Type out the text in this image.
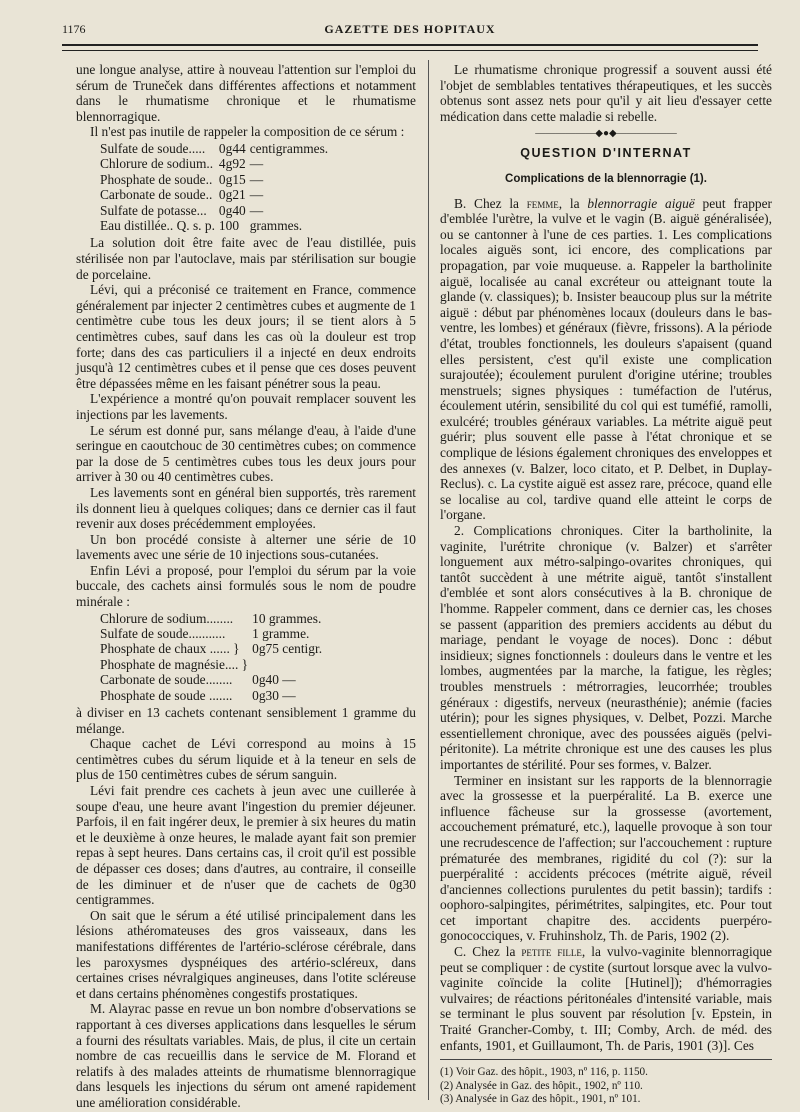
1176	GAZETTE DES HOPITAUX

une longue analyse, attire à nouveau l'attention sur l'emploi du sérum de Truneček dans différentes affections et notamment dans le rhumatisme chronique et le rhumatisme blennorragique.

Il n'est pas inutile de rappeler la composition de ce sérum :

Sulfate de soude.....	0g44	centigrammes.
Chlorure de sodium..	4g92	—
Phosphate de soude..	0g15	—
Carbonate de soude..	0g21	—
Sulfate de potasse...	0g40	—
Eau distillée.. Q. s. p.	100	grammes.

La solution doit être faite avec de l'eau distillée, puis stérilisée non par l'autoclave, mais par stérilisation sur bougie de porcelaine.

Lévi, qui a préconisé ce traitement en France, commence généralement par injecter 2 centimètres cubes et augmente de 1 centimètre cube tous les deux jours; il se tient alors à 5 centimètres cubes, sauf dans les cas où la douleur est trop forte; dans des cas particuliers il a injecté en deux endroits jusqu'à 12 centimètres cubes et il pense que ces doses peuvent être dépassées même en les faisant pénétrer sous la peau.

L'expérience a montré qu'on pouvait remplacer souvent les injections par les lavements.

Le sérum est donné pur, sans mélange d'eau, à l'aide d'une seringue en caoutchouc de 30 centimètres cubes; on commence par la dose de 5 centimètres cubes tous les deux jours pour arriver à 30 ou 40 centimètres cubes.

Les lavements sont en général bien supportés, très rarement ils donnent lieu à quelques coliques; dans ce dernier cas il faut revenir aux doses précédemment employées.

Un bon procédé consiste à alterner une série de 10 lavements avec une série de 10 injections sous-cutanées.

Enfin Lévi a proposé, pour l'emploi du sérum par la voie buccale, des cachets ainsi formulés sous le nom de poudre minérale :

Chlorure de sodium........	10 grammes.
Sulfate de soude...........	1 gramme.
Phosphate de chaux ...... }	0g75 centigr.
Phosphate de magnésie.... }	
Carbonate de soude........	0g40 —
Phosphate de soude .......	0g30 —

à diviser en 13 cachets contenant sensiblement 1 gramme du mélange.

Chaque cachet de Lévi correspond au moins à 15 centimètres cubes du sérum liquide et à la teneur en sels de plus de 150 centimètres cubes de sérum sanguin.

Lévi fait prendre ces cachets à jeun avec une cuillerée à soupe d'eau, une heure avant l'ingestion du premier déjeuner. Parfois, il en fait ingérer deux, le premier à six heures du matin et le deuxième à onze heures, le malade ayant fait son premier repas à sept heures. Dans certains cas, il croit qu'il est possible de dépasser ces doses; dans d'autres, au contraire, il conseille de les diminuer et de n'user que de cachets de 0g30 centigrammes.

On sait que le sérum a été utilisé principalement dans les lésions athéromateuses des gros vaisseaux, dans les manifestations différentes de l'artério-sclérose cérébrale, dans les paroxysmes dyspnéiques des artério-scléreux, dans certaines crises névralgiques angineuses, dans l'otite scléreuse et dans certains phénomènes congestifs prostatiques.

M. Alayrac passe en revue un bon nombre d'observations se rapportant à ces diverses applications dans lesquelles le sérum a fourni des résultats variables. Mais, de plus, il cite un certain nombre de cas recueillis dans le service de M. Florand et relatifs à des malades atteints de rhumatisme blennorragique dans lesquels les injections du sérum ont amené rapidement une amélioration considérable.

Le rhumatisme chronique progressif a souvent aussi été l'objet de semblables tentatives thérapeutiques, et les succès obtenus sont assez nets pour qu'il y ait lieu d'essayer cette médication dans cette maladie si rebelle.

——————◆●◆——————
QUESTION D'INTERNAT
Complications de la blennorragie (1).

B. Chez la femme, la blennorragie aiguë peut frapper d'emblée l'urètre, la vulve et le vagin (B. aiguë généralisée), ou se cantonner à l'une de ces parties. 1. Les complications locales aiguës sont, ici encore, des complications par propagation, par voie muqueuse. a. Rappeler la bartholinite aiguë, localisée au canal excréteur ou atteignant toute la glande (v. classiques); b. Insister beaucoup plus sur la métrite aiguë : début par phénomènes locaux (douleurs dans le bas-ventre, les lombes) et généraux (fièvre, frissons). A la période d'état, troubles fonctionnels, les douleurs s'apaisent (quand elles persistent, c'est qu'il existe une complication surajoutée); écoulement purulent d'origine utérine; troubles menstruels; signes physiques : tuméfaction de l'utérus, écoulement utérin, sensibilité du col qui est tuméfié, ramolli, exulcéré; troubles généraux variables. La métrite aiguë peut guérir; plus souvent elle passe à l'état chronique et se complique de lésions également chroniques des enveloppes et des annexes (v. Balzer, loco citato, et P. Delbet, in Duplay-Reclus). c. La cystite aiguë est assez rare, précoce, quand elle se localise au col, tardive quand elle atteint le corps de l'organe.

2. Complications chroniques. Citer la bartholinite, la vaginite, l'urétrite chronique (v. Balzer) et s'arrêter longuement aux métro-salpingo-ovarites chroniques, qui tantôt succèdent à une métrite aiguë, tantôt s'installent d'emblée et sont alors consécutives à la B. chronique de l'homme. Rappeler comment, dans ce dernier cas, les choses se passent (apparition des premiers accidents au début du mariage, pendant le voyage de noces). Donc : début insidieux; signes fonctionnels : douleurs dans le ventre et les lombes, augmentées par la marche, la fatigue, les règles; troubles menstruels : métrorragies, leucorrhée; troubles généraux : digestifs, nerveux (neurasthénie); anémie (facies utérin); pour les signes physiques, v. Delbet, Pozzi. Marche essentiellement chronique, avec des poussées aiguës (pelvi-péritonite). La métrite chronique est une des causes les plus importantes de stérilité. Pour ses formes, v. Balzer.

Terminer en insistant sur les rapports de la blennorragie avec la grossesse et la puerpéralité. La B. exerce une influence fâcheuse sur la grossesse (avortement, accouchement prématuré, etc.), laquelle provoque à son tour une recrudescence de l'affection; sur l'accouchement : rupture prématurée des membranes, rigidité du col (?): sur la puerpéralité : accidents précoces (métrite aiguë, réveil d'anciennes collections purulentes du petit bassin); tardifs : oophoro-salpingites, périmétrites, salpingites, etc. Pour tout cet important chapitre des. accidents puerpéro-gonococciques, v. Fruhinsholz, Th. de Paris, 1902 (2).

C. Chez la petite fille, la vulvo-vaginite blennorragique peut se compliquer : de cystite (surtout lorsque avec la vulvo-vaginite coïncide la colite [Hutinel]); d'hémorragies vulvaires; de réactions péritonéales d'intensité variable, mais se terminant le plus souvent par résolution [v. Epstein, in Traité Grancher-Comby, t. III; Comby, Arch. de méd. des enfants, 1901, et Guillaumont, Th. de Paris, 1901 (3)]. Ces

(1) Voir Gaz. des hôpit., 1903, nº 116, p. 1150.
(2) Analysée in Gaz. des hôpit., 1902, nº 110.
(3) Analysée in Gaz des hôpit., 1901, nº 101.
